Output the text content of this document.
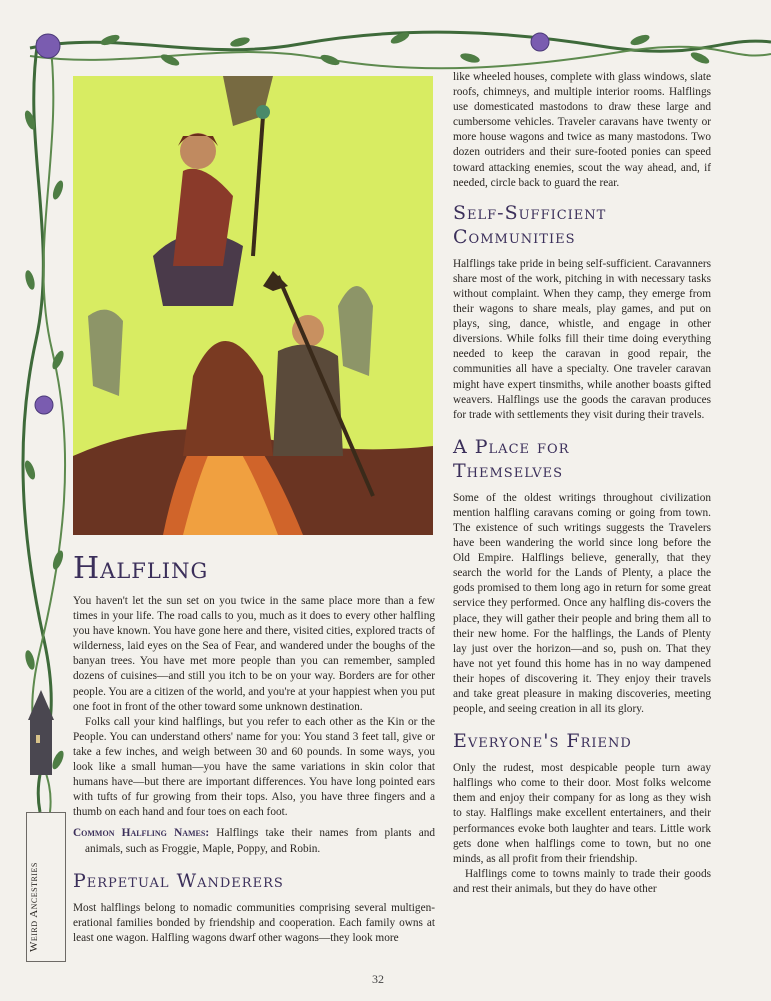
Halfling

You haven't let the sun set on you twice in the same place more than a few times in your life. The road calls to you, much as it does to every other halfling you have known. You have gone here and there, visited cities, explored tracts of wilderness, laid eyes on the Sea of Fear, and wandered under the boughs of the banyan trees. You have met more people than you can remember, sampled dozens of cuisines—and still you itch to be on your way. Borders are for other people. You are a citizen of the world, and you're at your happiest when you put one foot in front of the other toward some unknown destination.

Folks call your kind halflings, but you refer to each other as the Kin or the People. You can understand others' name for you: You stand 3 feet tall, give or take a few inches, and weigh between 30 and 60 pounds. In some ways, you look like a small human—you have the same variations in skin color that humans have—but there are important differences. You have long pointed ears with tufts of fur growing from their tops. Also, you have three fingers and a thumb on each hand and four toes on each foot.

Common Halfling Names: Halflings take their names from plants and animals, such as Froggie, Maple, Poppy, and Robin.

Perpetual Wanderers

Most halflings belong to nomadic communities comprising several multigen-erational families bonded by friendship and cooperation. Each family owns at least one wagon. Halfling wagons dwarf other wagons—they look more

like wheeled houses, complete with glass windows, slate roofs, chimneys, and multiple interior rooms. Halflings use domesticated mastodons to draw these large and cumbersome vehicles. Traveler caravans have twenty or more house wagons and twice as many mastodons. Two dozen outriders and their sure-footed ponies can speed toward attacking enemies, scout the way ahead, and, if needed, circle back to guard the rear.

Self-Sufficient
Communities

Halflings take pride in being self-sufficient. Caravanners share most of the work, pitching in with necessary tasks without complaint. When they camp, they emerge from their wagons to share meals, play games, and put on plays, sing, dance, whistle, and engage in other diversions. While folks fill their time doing everything needed to keep the caravan in good repair, the communities all have a specialty. One traveler caravan might have expert tinsmiths, while another boasts gifted weavers. Halflings use the goods the caravan produces for trade with settlements they visit during their travels.

A Place for
Themselves

Some of the oldest writings throughout civilization mention halfling caravans coming or going from town. The existence of such writings suggests the Travelers have been wandering the world since long before the Old Empire. Halflings believe, generally, that they search the world for the Lands of Plenty, a place the gods promised to them long ago in return for some great service they performed. Once any halfling dis-covers the place, they will gather their people and bring them all to their new home. For the halflings, the Lands of Plenty lay just over the horizon—and so, push on. That they have not yet found this home has in no way dampened their hopes of discovering it. They enjoy their travels and take great pleasure in making discoveries, meeting people, and seeing creation in all its glory.

Everyone's Friend

Only the rudest, most despicable people turn away halflings who come to their door. Most folks welcome them and enjoy their company for as long as they wish to stay. Halflings make excellent entertainers, and their performances evoke both laughter and tears. Little work gets done when halflings come to town, but no one minds, as all profit from their friendship.

Halflings come to towns mainly to trade their goods and rest their animals, but they do have other

Weird Ancestries
32
